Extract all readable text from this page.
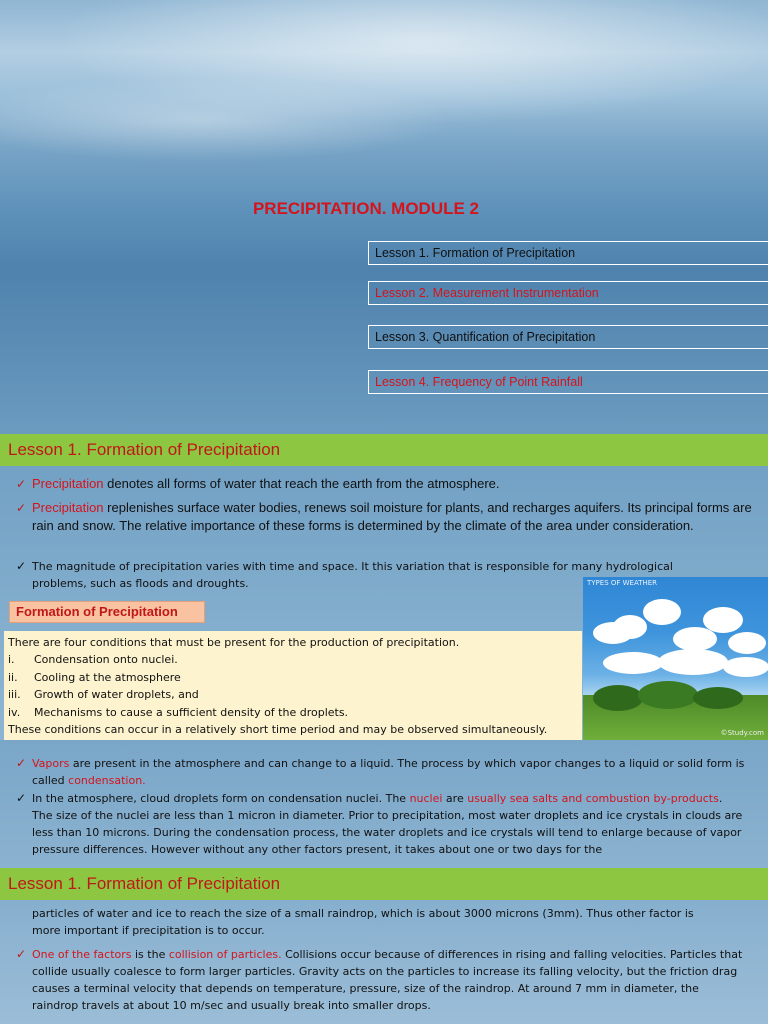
PRECIPITATION. MODULE 2
Lesson 1. Formation of Precipitation
Lesson 2. Measurement Instrumentation
Lesson 3. Quantification of Precipitation
Lesson 4. Frequency of Point Rainfall
Lesson 1. Formation of Precipitation
✓ Precipitation denotes all forms of water that reach the earth from the atmosphere.
✓ Precipitation replenishes surface water bodies, renews soil moisture for plants, and recharges aquifers. Its principal forms are rain and snow. The relative importance of these forms is determined by the climate of the area under consideration.
✓ The magnitude of precipitation varies with time and space. It this variation that is responsible for many hydrological problems, such as floods and droughts.
Formation of Precipitation
There are four conditions that must be present for the production of precipitation.
i. Condensation onto nuclei.
ii. Cooling at the atmosphere
iii. Growth of water droplets, and
iv. Mechanisms to cause a sufficient density of the droplets.
These conditions can occur in a relatively short time period and may be observed simultaneously.
TYPES OF WEATHER
©Study.com
✓ Vapors are present in the atmosphere and can change to a liquid. The process by which vapor changes to a liquid or solid form is called condensation.
✓ In the atmosphere, cloud droplets form on condensation nuclei. The nuclei are usually sea salts and combustion by-products. The size of the nuclei are less than 1 micron in diameter. Prior to precipitation, most water droplets and ice crystals in clouds are less than 10 microns. During the condensation process, the water droplets and ice crystals will tend to enlarge because of vapor pressure differences. However without any other factors present, it takes about one or two days for the
Lesson 1. Formation of Precipitation
particles of water and ice to reach the size of a small raindrop, which is about 3000 microns (3mm). Thus other factor is more important if precipitation is to occur.
✓ One of the factors is the collision of particles. Collisions occur because of differences in rising and falling velocities. Particles that collide usually coalesce to form larger particles. Gravity acts on the particles to increase its falling velocity, but the friction drag causes a terminal velocity that depends on temperature, pressure, size of the raindrop. At around 7 mm in diameter, the raindrop travels at about 10 m/sec and usually break into smaller drops.
